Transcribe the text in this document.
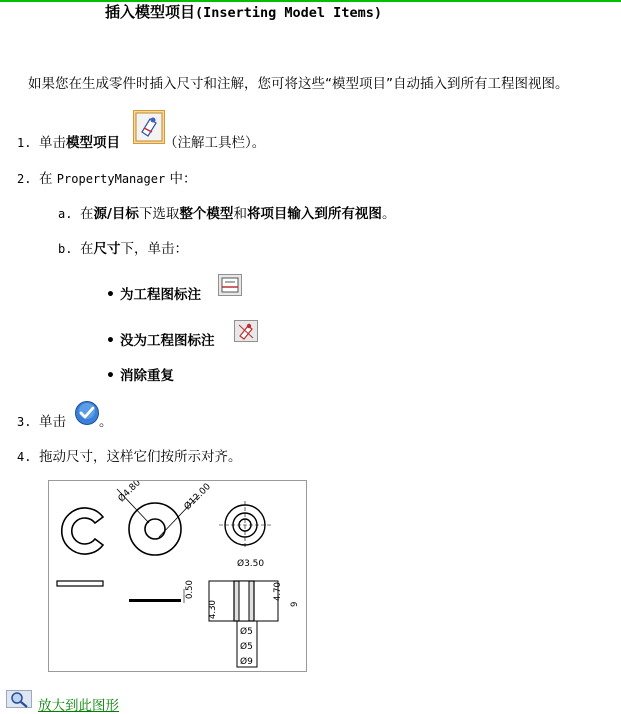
插入模型项目(Inserting Model Items)
如果您在生成零件时插入尺寸和注解，您可将这些“模型项目”自动插入到所有工程图视图。
1. 单击模型项目	（注解工具栏）。
2. 在 PropertyManager 中：
a. 在源/目标下选取整个模型和将项目输入到所有视图。
b. 在尺寸下，单击：
• 为工程图标注
• 没为工程图标注
• 消除重复
3. 单击 。
4. 拖动尺寸，这样它们按所示对齐。
Ø4.80	Ø12.00
0.50
Ø3.50
4.70
9
4.30
Ø5
Ø5
Ø9
放大到此图形
